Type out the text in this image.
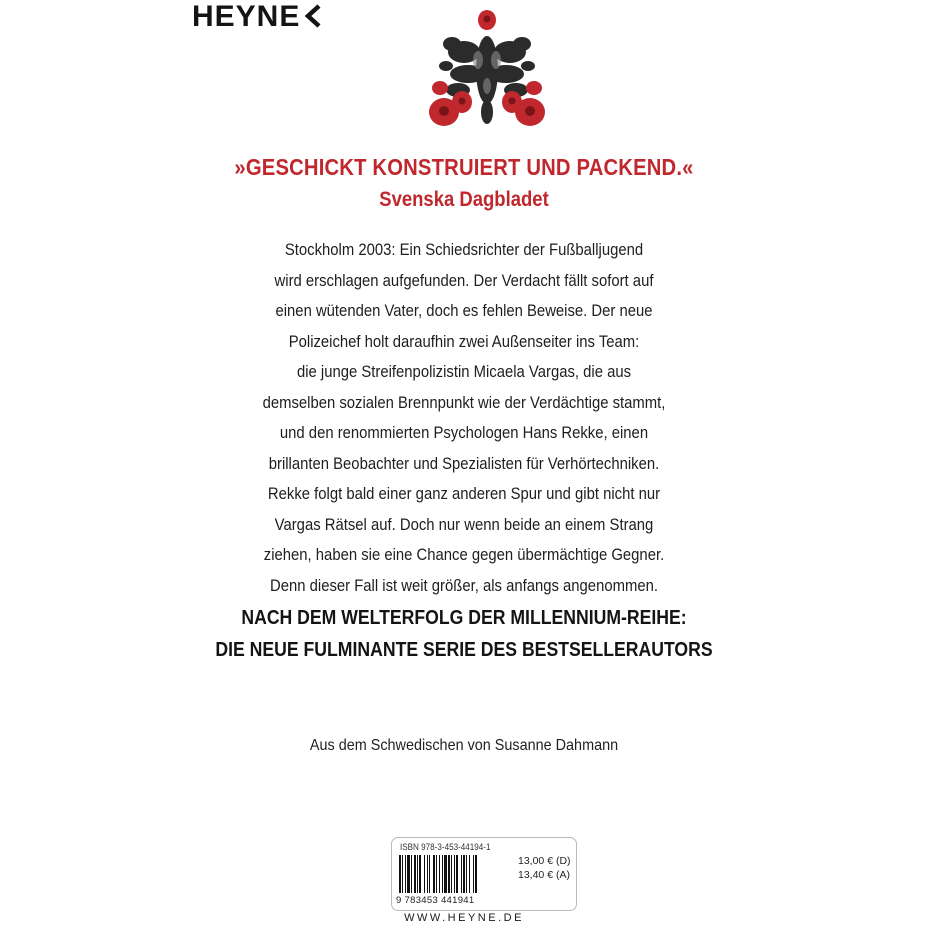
HEYNE
»GESCHICKT KONSTRUIERT UND PACKEND.«
Svenska Dagbladet
Stockholm 2003: Ein Schiedsrichter der Fußballjugend
wird erschlagen aufgefunden. Der Verdacht fällt sofort auf
einen wütenden Vater, doch es fehlen Beweise. Der neue
Polizeichef holt daraufhin zwei Außenseiter ins Team:
die junge Streifenpolizistin Micaela Vargas, die aus
demselben sozialen Brennpunkt wie der Verdächtige stammt,
und den renommierten Psychologen Hans Rekke, einen
brillanten Beobachter und Spezialisten für Verhörtechniken.
Rekke folgt bald einer ganz anderen Spur und gibt nicht nur
Vargas Rätsel auf. Doch nur wenn beide an einem Strang
ziehen, haben sie eine Chance gegen übermächtige Gegner.
Denn dieser Fall ist weit größer, als anfangs angenommen.
NACH DEM WELTERFOLG DER MILLENNIUM-REIHE:
DIE NEUE FULMINANTE SERIE DES BESTSELLERAUTORS
Aus dem Schwedischen von Susanne Dahmann
ISBN 978-3-453-44194-1
9 783453 441941
13,00 € (D)
13,40 € (A)
WWW.HEYNE.DE
